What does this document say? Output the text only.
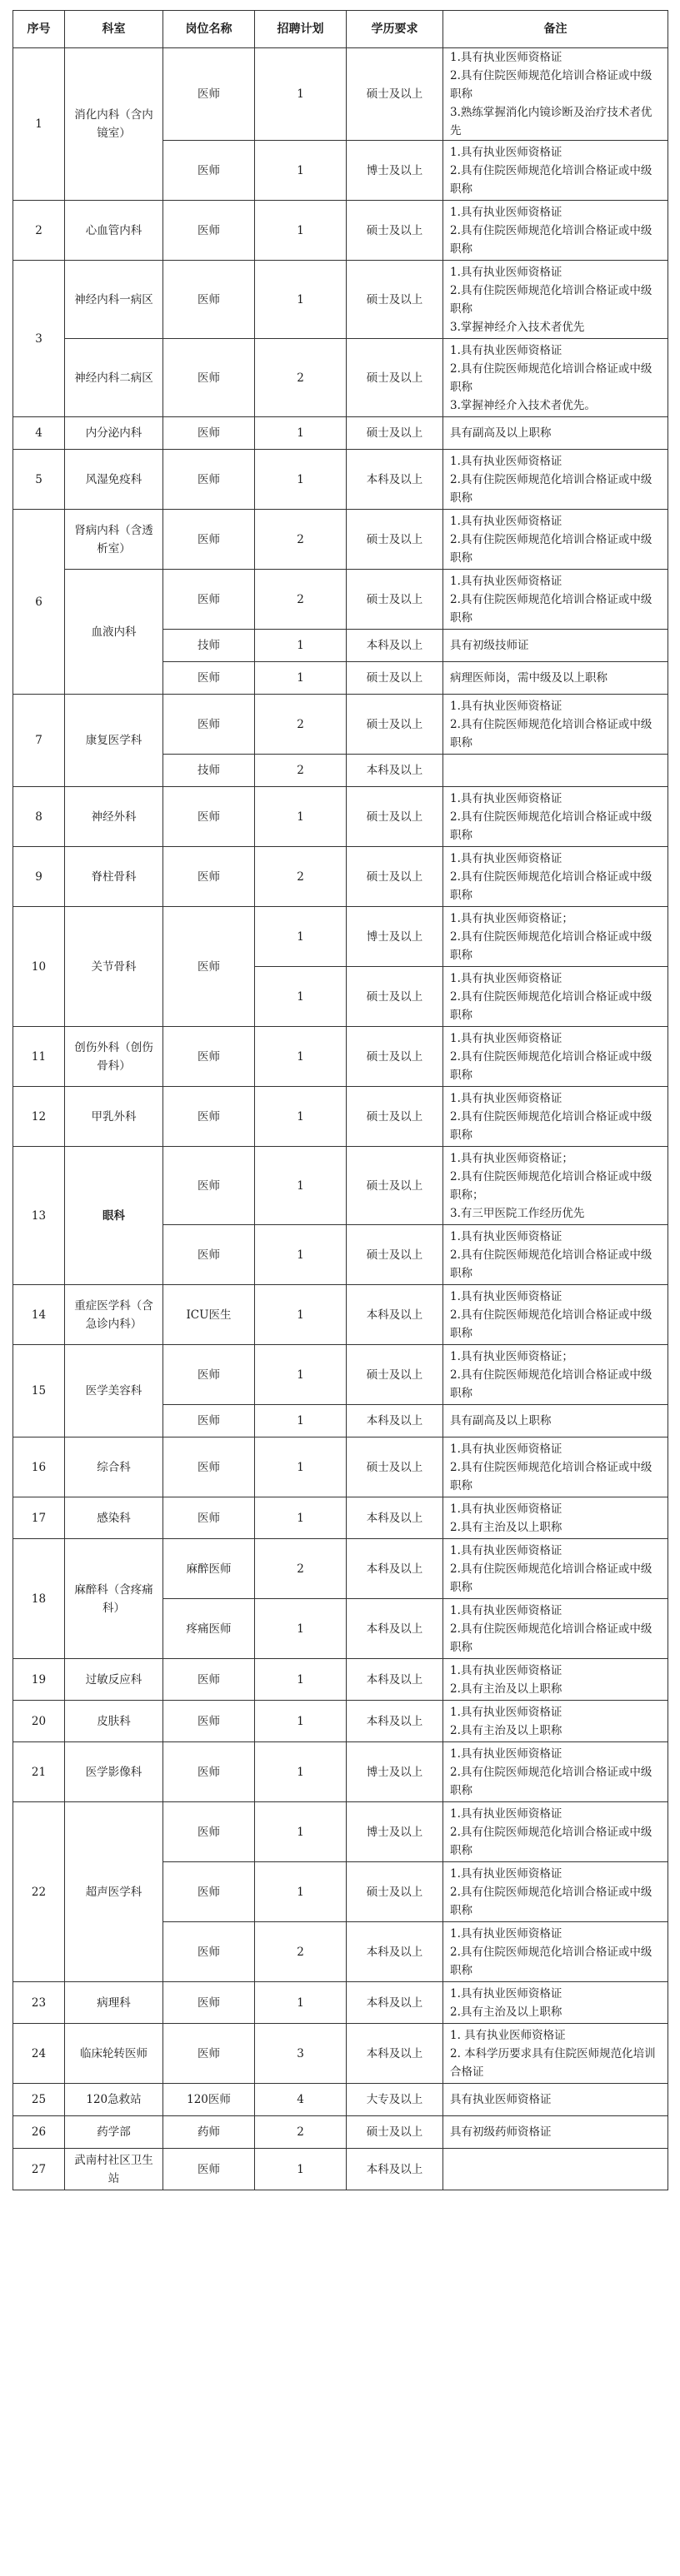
序号	科室	岗位名称	招聘计划	学历要求	备注
1	消化内科（含内镜室）	医师	1	硕士及以上	1.具有执业医师资格证
2.具有住院医师规范化培训合格证或中级职称
3.熟练掌握消化内镜诊断及治疗技术者优先

		医师	1	博士及以上	1.具有执业医师资格证
2.具有住院医师规范化培训合格证或中级职称

2	心血管内科	医师	1	硕士及以上	1.具有执业医师资格证
2.具有住院医师规范化培训合格证或中级职称

3	神经内科一病区	医师	1	硕士及以上	1.具有执业医师资格证
2.具有住院医师规范化培训合格证或中级职称
3.掌握神经介入技术者优先

	神经内科二病区	医师	2	硕士及以上	1.具有执业医师资格证
2.具有住院医师规范化培训合格证或中级职称
3.掌握神经介入技术者优先。

4	内分泌内科	医师	1	硕士及以上	具有副高及以上职称

5	风湿免疫科	医师	1	本科及以上	1.具有执业医师资格证
2.具有住院医师规范化培训合格证或中级职称

6	肾病内科（含透析室）	医师	2	硕士及以上	1.具有执业医师资格证
2.具有住院医师规范化培训合格证或中级职称

	血液内科	医师	2	硕士及以上	1.具有执业医师资格证
2.具有住院医师规范化培训合格证或中级职称

		技师	1	本科及以上	具有初级技师证

		医师	1	硕士及以上	病理医师岗，需中级及以上职称

7	康复医学科	医师	2	硕士及以上	1.具有执业医师资格证
2.具有住院医师规范化培训合格证或中级职称

		技师	2	本科及以上	
8	神经外科	医师	1	硕士及以上	1.具有执业医师资格证
2.具有住院医师规范化培训合格证或中级职称

9	脊柱骨科	医师	2	硕士及以上	1.具有执业医师资格证
2.具有住院医师规范化培训合格证或中级职称

10	关节骨科	医师	1	博士及以上	1.具有执业医师资格证；
2.具有住院医师规范化培训合格证或中级职称

			1	硕士及以上	1.具有执业医师资格证
2.具有住院医师规范化培训合格证或中级职称

11	创伤外科（创伤骨科）	医师	1	硕士及以上	1.具有执业医师资格证
2.具有住院医师规范化培训合格证或中级职称

12	甲乳外科	医师	1	硕士及以上	1.具有执业医师资格证
2.具有住院医师规范化培训合格证或中级职称

13	眼科	医师	1	硕士及以上	1.具有执业医师资格证；
2.具有住院医师规范化培训合格证或中级职称；
3.有三甲医院工作经历优先

		医师	1	硕士及以上	1.具有执业医师资格证
2.具有住院医师规范化培训合格证或中级职称

14	重症医学科（含急诊内科）	ICU医生	1	本科及以上	1.具有执业医师资格证
2.具有住院医师规范化培训合格证或中级职称

15	医学美容科	医师	1	硕士及以上	1.具有执业医师资格证；
2.具有住院医师规范化培训合格证或中级职称

		医师	1	本科及以上	具有副高及以上职称

16	综合科	医师	1	硕士及以上	1.具有执业医师资格证
2.具有住院医师规范化培训合格证或中级职称

17	感染科	医师	1	本科及以上	1.具有执业医师资格证
2.具有主治及以上职称

18	麻醉科（含疼痛科）	麻醉医师	2	本科及以上	1.具有执业医师资格证
2.具有住院医师规范化培训合格证或中级职称

		疼痛医师	1	本科及以上	1.具有执业医师资格证
2.具有住院医师规范化培训合格证或中级职称

19	过敏反应科	医师	1	本科及以上	1.具有执业医师资格证
2.具有主治及以上职称

20	皮肤科	医师	1	本科及以上	1.具有执业医师资格证
2.具有主治及以上职称

21	医学影像科	医师	1	博士及以上	1.具有执业医师资格证
2.具有住院医师规范化培训合格证或中级职称

22	超声医学科	医师	1	博士及以上	1.具有执业医师资格证
2.具有住院医师规范化培训合格证或中级职称

		医师	1	硕士及以上	1.具有执业医师资格证
2.具有住院医师规范化培训合格证或中级职称

		医师	2	本科及以上	1.具有执业医师资格证
2.具有住院医师规范化培训合格证或中级职称

23	病理科	医师	1	本科及以上	1.具有执业医师资格证
2.具有主治及以上职称

24	临床轮转医师	医师	3	本科及以上	1. 具有执业医师资格证
2. 本科学历要求具有住院医师规范化培训合格证

25	120急救站	120医师	4	大专及以上	具有执业医师资格证

26	药学部	药师	2	硕士及以上	具有初级药师资格证

27	武南村社区卫生站	医师	1	本科及以上	
